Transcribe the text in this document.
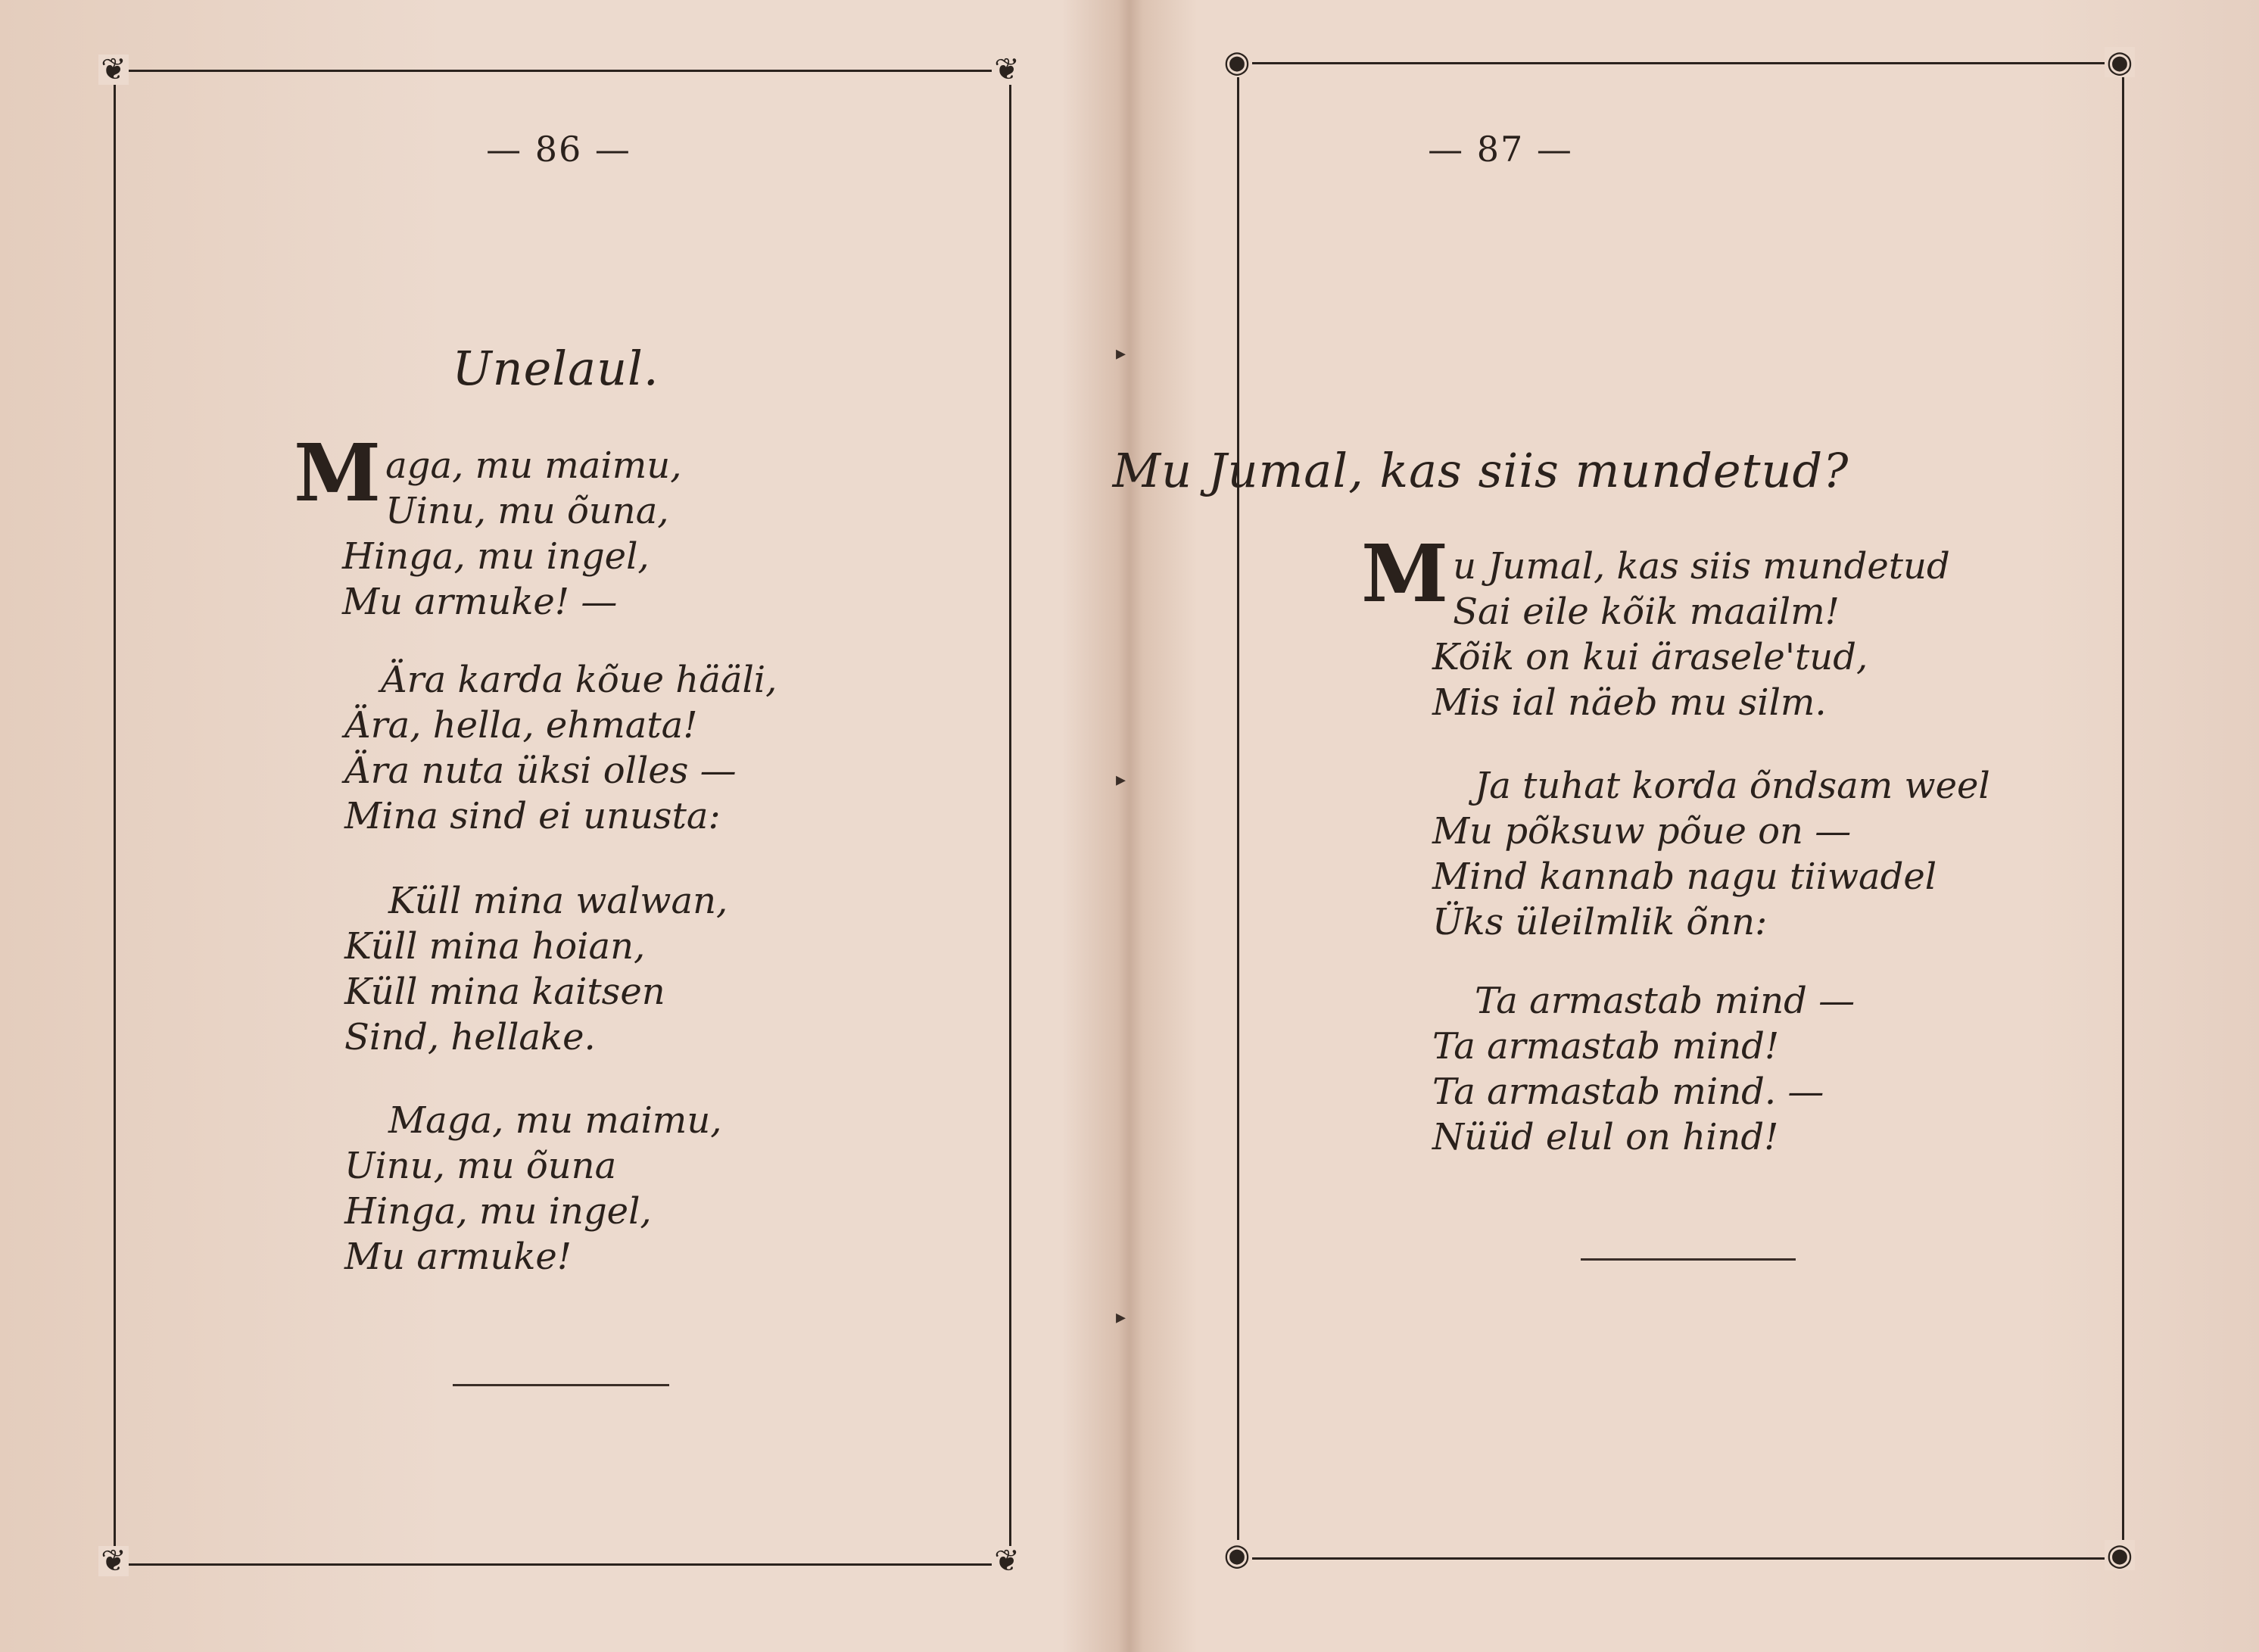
❦	❦
❦	❦
— 86 —
Unelaul.
Maga, mu maimu,
Uinu, mu õuna,
Hinga, mu ingel,
Mu armuke! —
Ära karda kõue hääli,
Ära, hella, ehmata!
Ära nuta üksi olles —
Mina sind ei unusta:
Küll mina walwan,
Küll mina hoian,
Küll mina kaitsen
Sind, hellake.
Maga, mu maimu,
Uinu, mu õuna
Hinga, mu ingel,
Mu armuke!
◉	◉
◉	◉
— 87 —
Mu Jumal, kas siis mundetud?
Mu Jumal, kas siis mundetud
Sai eile kõik maailm!
Kõik on kui ärasele'tud,
Mis ial näeb mu silm.
Ja tuhat korda õndsam weel
Mu põksuw põue on —
Mind kannab nagu tiiwadel
Üks üleilmlik õnn:
Ta armastab mind —
Ta armastab mind!
Ta armastab mind. —
Nüüd elul on hind!
▸
▸
▸
